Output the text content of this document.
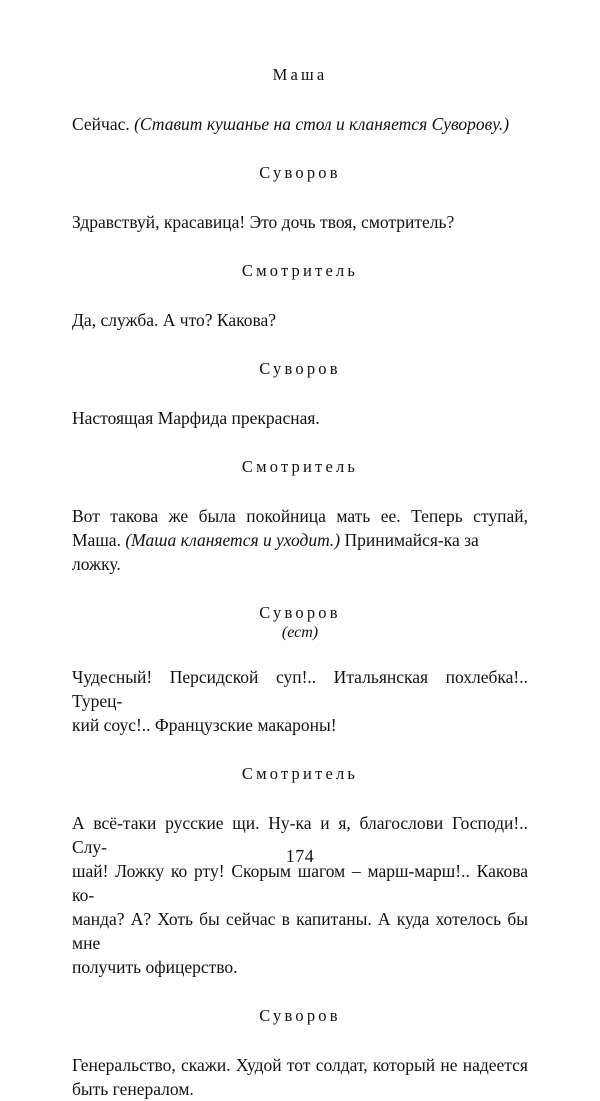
Маша

Сейчас. (Ставит кушанье на стол и кланяется Суворову.)

Суворов

Здравствуй, красавица! Это дочь твоя, смотритель?

Смотритель

Да, служба. А что? Какова?

Суворов

Настоящая Марфида прекрасная.

Смотритель

Вот такова же была покойница мать ее. Теперь ступай,
Маша. (Маша кланяется и уходит.) Принимайся-ка за ложку.

Суворов

(ест)

Чудесный! Персидской суп!.. Итальянская похлебка!.. Турец-
кий соус!.. Французские макароны!

Смотритель

А всё-таки русские щи. Ну-ка и я, благослови Господи!.. Слу-
шай! Ложку ко рту! Скорым шагом – марш-марш!.. Какова ко-
манда? А? Хоть бы сейчас в капитаны. А куда хотелось бы мне
получить офицерство.

Суворов

Генеральство, скажи. Худой тот солдат, который не надеется
быть генералом.
174
